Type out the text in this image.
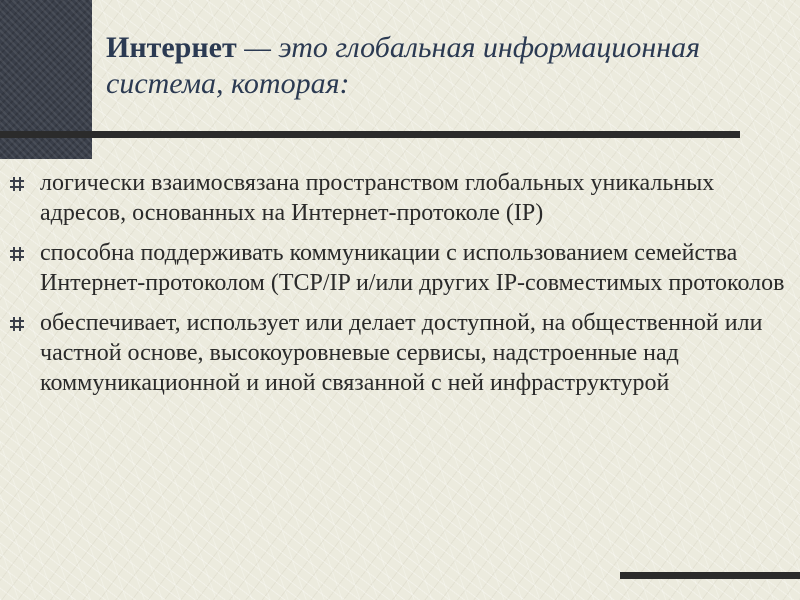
Интернет — это глобальная информационная система, которая:
логически взаимосвязана пространством глобальных уникальных адресов, основанных на Интернет-протоколе (IP)
способна поддерживать коммуникации с использованием семейства Интернет-протоколом (TCP/IP и/или других IP-совместимых протоколов
обеспечивает, использует или делает доступной, на общественной или частной основе, высокоуровневые сервисы, надстроенные над коммуникационной и иной связанной с ней инфраструктурой
